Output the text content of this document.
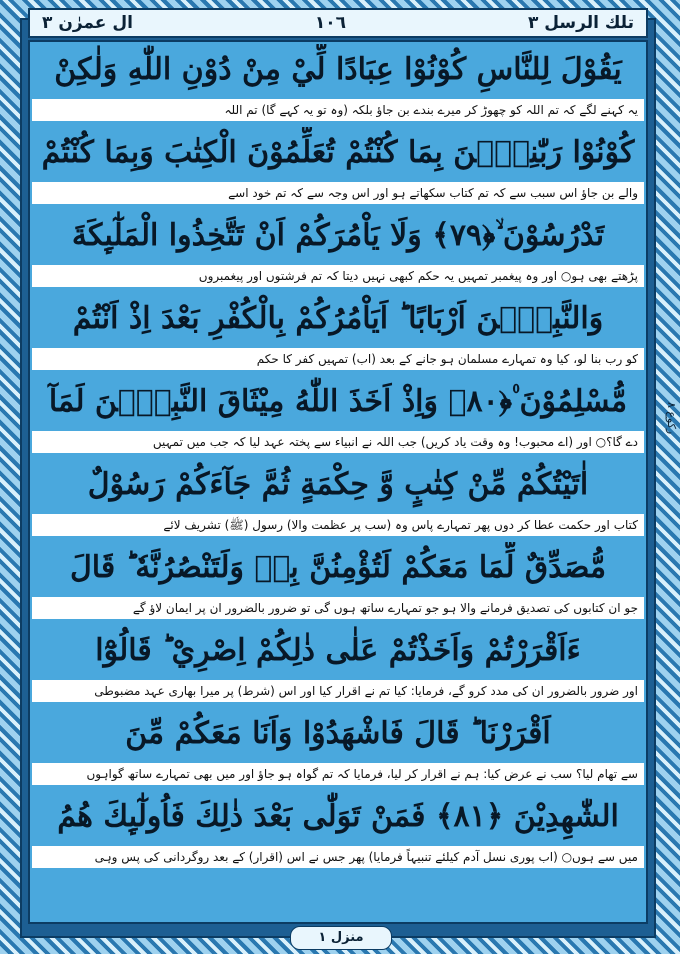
تلك الرسل ٣
١٠٦
ال عمرٰن ٣
يَقُوْلَ لِلنَّاسِ كُوْنُوْا عِبَادًا لِّيْ مِنْ دُوْنِ اللّٰهِ وَلٰكِنْ
یہ کہنے لگے کہ تم اللہ کو چھوڑ کر میرے بندے بن جاؤ بلکہ (وہ تو یہ کہے گا) تم اللہ
كُوْنُوْا رَبّٰنِيّٖنَ بِمَا كُنْتُمْ تُعَلِّمُوْنَ الْكِتٰبَ وَبِمَا كُنْتُمْ
والے بن جاؤ اس سبب سے کہ تم کتاب سکھاتے ہو اور اس وجہ سے کہ تم خود اسے
تَدْرُسُوْنَ ۙ﴿٧٩﴾ وَلَا يَاْمُرَكُمْ اَنْ تَتَّخِذُوا الْمَلٰٓىِٕكَةَ
پڑھتے بھی ہو○ اور وہ پیغمبر تمہیں یہ حکم کبھی نہیں دیتا کہ تم فرشتوں اور پیغمبروں
وَالنَّبِيّٖنَ اَرْبَابًا ؕ اَيَاْمُرُكُمْ بِالْكُفْرِ بَعْدَ اِذْ اَنْتُمْ
کو رب بنا لو، کیا وہ تمہارے مسلمان ہو جانے کے بعد (اب) تمہیں کفر کا حکم
مُّسْلِمُوْنَ ۠﴿٨٠﴾ وَاِذْ اَخَذَ اللّٰهُ مِيْثَاقَ النَّبِيّٖنَ لَمَآ
دے گا؟○ اور (اے محبوب! وہ وقت یاد کریں) جب اللہ نے انبیاء سے پختہ عہد لیا کہ جب میں تمہیں
اٰتَيْتُكُمْ مِّنْ كِتٰبٍ وَّ حِكْمَةٍ ثُمَّ جَآءَكُمْ رَسُوْلٌ
کتاب اور حکمت عطا کر دوں پھر تمہارے پاس وہ (سب پر عظمت والا) رسول (ﷺ) تشریف لائے
مُّصَدِّقٌ لِّمَا مَعَكُمْ لَتُؤْمِنُنَّ بِهٖ وَلَتَنْصُرُنَّهٗ ؕ قَالَ
جو ان کتابوں کی تصدیق فرمانے والا ہو جو تمہارے ساتھ ہوں گی تو ضرور بالضرور ان پر ایمان لاؤ گے
ءَاَقْرَرْتُمْ وَاَخَذْتُمْ عَلٰى ذٰلِكُمْ اِصْرِيْ ؕ قَالُوْٓا
اور ضرور بالضرور ان کی مدد کرو گے، فرمایا: کیا تم نے اقرار کیا اور اس (شرط) پر میرا بھاری عہد مضبوطی
اَقْرَرْنَا ؕ قَالَ فَاشْهَدُوْا وَاَنَا مَعَكُمْ مِّنَ
سے تھام لیا؟ سب نے عرض کیا: ہم نے اقرار کر لیا، فرمایا کہ تم گواہ ہو جاؤ اور میں بھی تمہارے ساتھ گواہوں
الشّٰهِدِيْنَ ﴿٨١﴾ فَمَنْ تَوَلّٰى بَعْدَ ذٰلِكَ فَاُولٰٓىِٕكَ هُمُ
میں سے ہوں○ (اب پوری نسل آدم کیلئے تنبیہاً فرمایا) پھر جس نے اس (اقرار) کے بعد روگردانی کی پس وہی
رکوع ٨
منزل ١
